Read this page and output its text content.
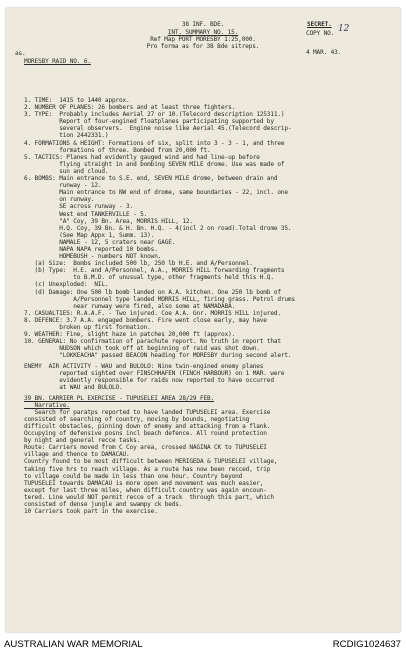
38 INF. BDE.	SECRET.
INT. SUMMARY NO. 15.	COPY NO. 12
Ref Map PORT MORESBY 1:25,000.
Pro forma as for 38 Bde sitreps.
as.	4 MAR. 43.
MORESBY RAID NO. 6.
1. TIME:  1415 to 1440 approx.
2. NUMBER OF PLANES: 26 bombers and at least three fighters.
3. TYPE:  Probably includes Aerial 27 or 10.(Telecord description 125311.)
Report of four-engined floatplanes participating supported by
several observers.  Engine noise like Aerial 45.(Telecord descrip-
tion 2442331.)
4. FORMATIONS & HEIGHT: Formations of six, split into 3 - 3 - 1, and three
formations of three. Bombed from 20,000 ft.
5. TACTICS: Planes had evidently gauged wind and had line-up before
flying straight in and bombing SEVEN MILE drome. Use was made of
sun and cloud.
6. BOMBS: Main entrance to S.E. end, SEVEN MILE drome, between drain and
runway - 12.
Main entrance to NW end of drome, same boundaries - 22, incl. one
on runway.
SE across runway - 3.
West end TANKERVILLE - 5.
"A" Coy, 39 Bn. Area, MORRIS HILL, 12.
H.Q. Coy, 39 Bn. & H. Bn. H.Q. - 4(incl 2 on road).Total drome 35.
(See Map Appx 1, Summ. 13).
NAMALE - 12, 5 craters near GAGE.
NAPA NAPA reported 10 bombs.
HOMEBUSH - numbers NOT known.
(a) Size:  Bombs included 500 lb, 250 lb H.E. and A/Personnel.
(b) Type:  H.E. and A/Personnel, A.A., MORRIS HILL forwarding fragments
to B.M.D. of unusual type, other fragments held this H.Q.
(c) Unexploded:  NIL.
(d) Damage: One 500 lb bomb landed on A.A. kitchen. One 250 lb bomb of
A/Personnel type landed MORRIS HILL, firing grass. Petrol drums
near runway were fired, also some at NAMADABA.
7. CASUALTIES: R.A.A.F. - Two injured. Coe A.A. Gnr. MORRIS HILL injured.
8. DEFENCE: 3.7 A.A. engaged bombers. Fire went close early, may have
broken up first formation.
9. WEATHER: Fine, slight haze in patches 20,000 ft (approx).
10. GENERAL: No confirmation of parachute report. No truth in report that
NUDSON which took off at beginning of raid was shot down.
"LOKKEACHA" passed BEACON heading for MORESBY during second alert.
ENEMY  AIR ACTIVITY - WAU and BULOLO: Nine twin-engined enemy planes
reported sighted over FINSCHHAFEN (FINCH HARBOUR) on 1 MAR. were
evidently responsible for raids now reported to have occurred
at WAU and BULOLO.
39 BN. CARRIER PL EXERCISE - TUPUSELEI AREA 28/29 FEB.
Narrative.
Search for paratps reported to have landed TUPUSELEI area. Exercise
consisted of searching of country, moving by bounds, negotiating
difficult obstacles, pinning down of enemy and attacking from a flank.
Occupying of defensive posns incl beach defence. All round protection
by night and general recce tasks.
Route: Carriers moved from C Coy area, crossed NAGINA CK to TUPUSELEI
village and thence to DAMACAU.
Country found to be most difficult between MERIGEDA & TUPUSELEI village,
taking five hrs to reach village. As a route has now been recced, trip
to village could be made in less than one hour. Country beyond
TUPUSELEI towards DAMACAU is more open and movement was much easier,
except for last three miles, when difficult country was again encoun-
tered. Line would NOT permit recce of a track  through this part, which
consisted of dense jungle and swampy ck beds.
10 Carriers took part in the exercise.
AUSTRALIAN WAR MEMORIAL	RCDIG1024637
